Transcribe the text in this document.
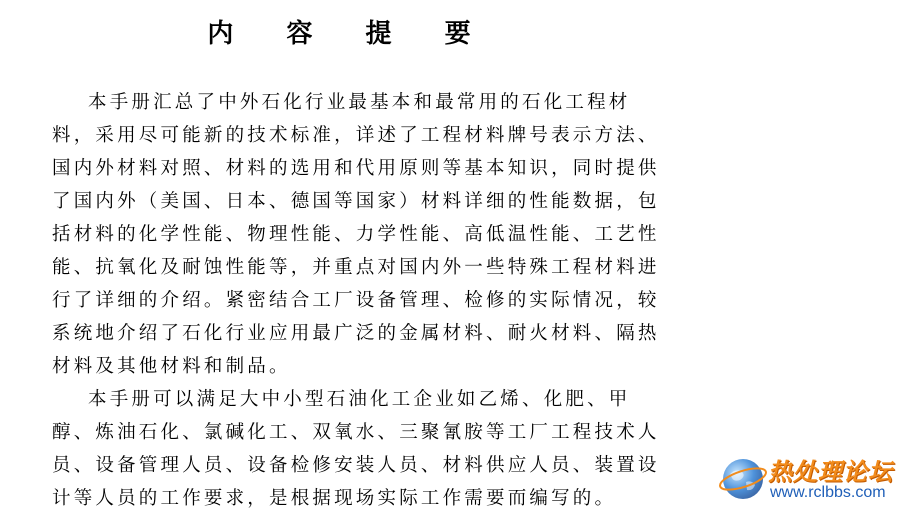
内 容 提 要
本手册汇总了中外石化行业最基本和最常用的石化工程材
料，采用尽可能新的技术标准，详述了工程材料牌号表示方法、
国内外材料对照、材料的选用和代用原则等基本知识，同时提供
了国内外（美国、日本、德国等国家）材料详细的性能数据，包
括材料的化学性能、物理性能、力学性能、高低温性能、工艺性
能、抗氧化及耐蚀性能等，并重点对国内外一些特殊工程材料进
行了详细的介绍。紧密结合工厂设备管理、检修的实际情况，较
系统地介绍了石化行业应用最广泛的金属材料、耐火材料、隔热
材料及其他材料和制品。
本手册可以满足大中小型石油化工企业如乙烯、化肥、甲
醇、炼油石化、氯碱化工、双氧水、三聚氰胺等工厂工程技术人
员、设备管理人员、设备检修安装人员、材料供应人员、装置设
计等人员的工作要求，是根据现场实际工作需要而编写的。
热处理论坛
www.rclbbs.com
